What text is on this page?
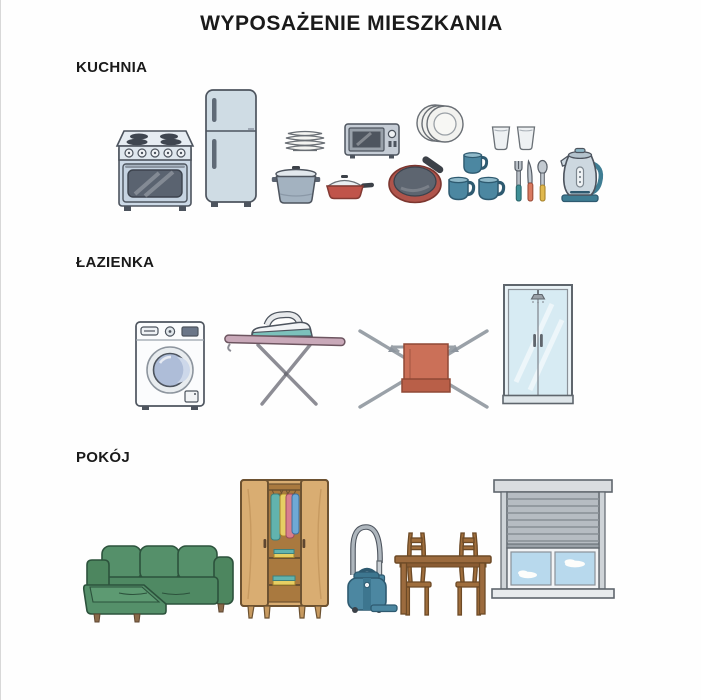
WYPOSAŻENIE MIESZKANIA
KUCHNIA
ŁAZIENKA
POKÓJ
